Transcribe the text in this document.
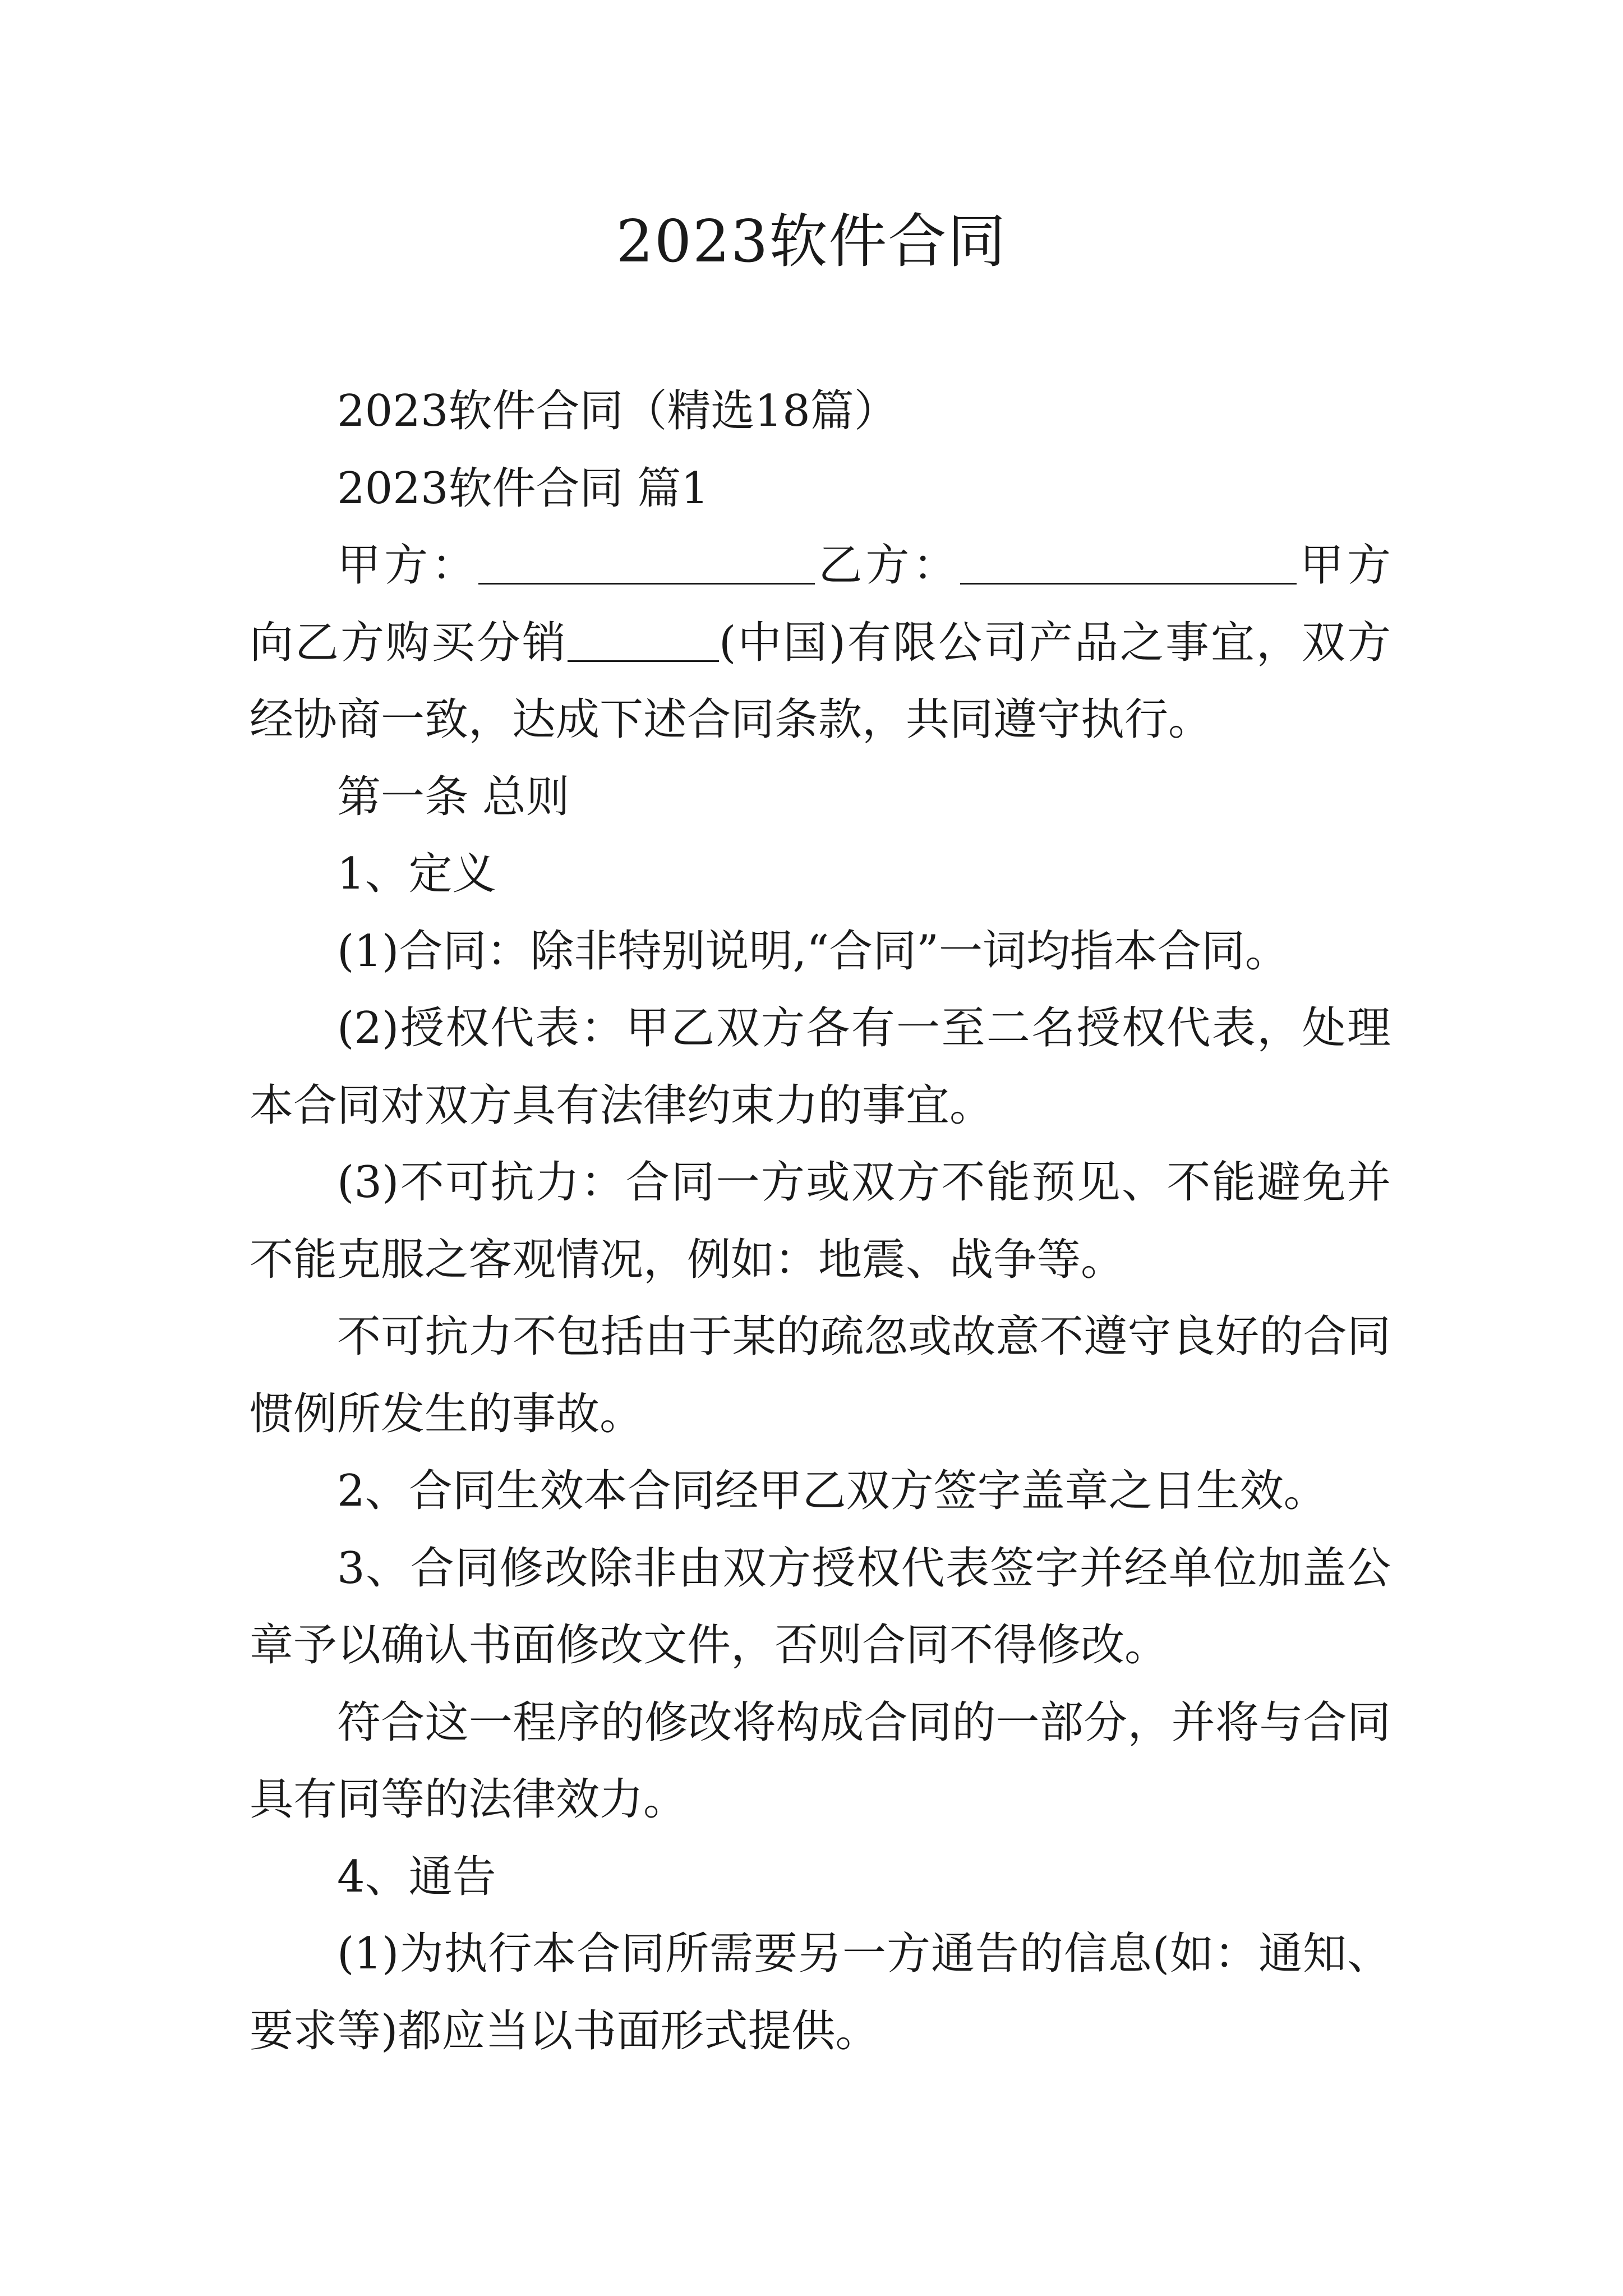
2023软件合同

2023软件合同（精选18篇）

2023软件合同 篇1

甲方：	乙方：	甲方向乙方购买分销	(中国)有限公司产品之事宜，双方经协商一致，达成下述合同条款，共同遵守执行。

第一条 总则

1、定义

(1)合同：除非特别说明,“合同”一词均指本合同。

(2)授权代表：甲乙双方各有一至二名授权代表，处理本合同对双方具有法律约束力的事宜。

(3)不可抗力：合同一方或双方不能预见、不能避免并不能克服之客观情况，例如：地震、战争等。

不可抗力不包括由于某的疏忽或故意不遵守良好的合同惯例所发生的事故。

2、合同生效本合同经甲乙双方签字盖章之日生效。

3、合同修改除非由双方授权代表签字并经单位加盖公章予以确认书面修改文件，否则合同不得修改。

符合这一程序的修改将构成合同的一部分，并将与合同具有同等的法律效力。

4、通告

(1)为执行本合同所需要另一方通告的信息(如：通知、要求等)都应当以书面形式提供。
